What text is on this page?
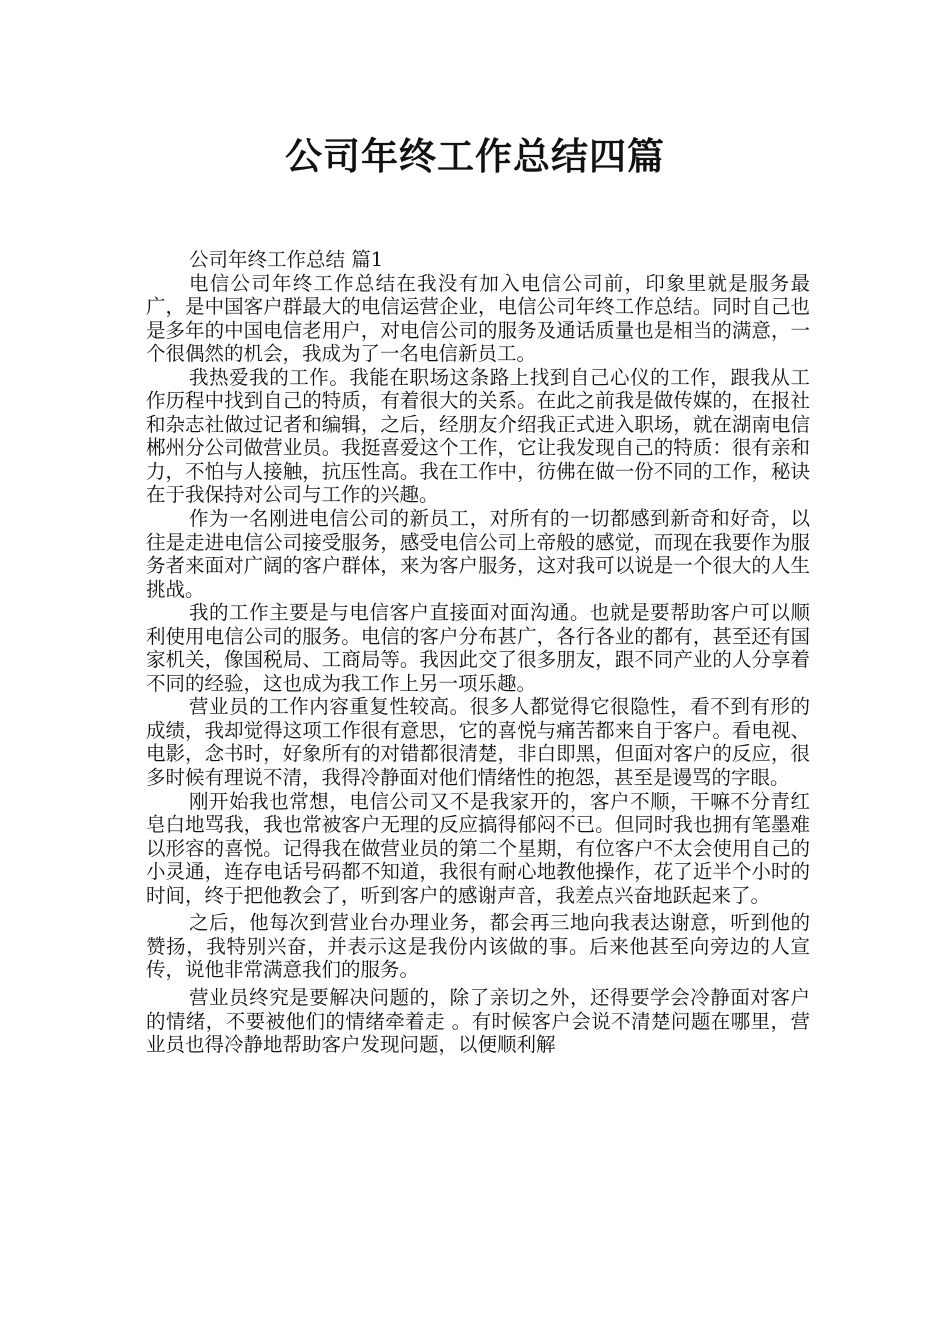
公司年终工作总结四篇

公司年终工作总结 篇1

电信公司年终工作总结在我没有加入电信公司前，印象里就是服务最广，是中国客户群最大的电信运营企业，电信公司年终工作总结。同时自己也是多年的中国电信老用户，对电信公司的服务及通话质量也是相当的满意，一个很偶然的机会，我成为了一名电信新员工。

我热爱我的工作。我能在职场这条路上找到自己心仪的工作，跟我从工作历程中找到自己的特质，有着很大的关系。在此之前我是做传媒的，在报社和杂志社做过记者和编辑，之后，经朋友介绍我正式进入职场，就在湖南电信郴州分公司做营业员。我挺喜爱这个工作，它让我发现自己的特质：很有亲和力，不怕与人接触，抗压性高。我在工作中，彷佛在做一份不同的工作，秘诀在于我保持对公司与工作的兴趣。

作为一名刚进电信公司的新员工，对所有的一切都感到新奇和好奇，以往是走进电信公司接受服务，感受电信公司上帝般的感觉，而现在我要作为服务者来面对广阔的客户群体，来为客户服务，这对我可以说是一个很大的人生挑战。

我的工作主要是与电信客户直接面对面沟通。也就是要帮助客户可以顺利使用电信公司的服务。电信的客户分布甚广，各行各业的都有，甚至还有国家机关，像国税局、工商局等。我因此交了很多朋友，跟不同产业的人分享着不同的经验，这也成为我工作上另一项乐趣。

营业员的工作内容重复性较高。很多人都觉得它很隐性，看不到有形的成绩，我却觉得这项工作很有意思，它的喜悦与痛苦都来自于客户。看电视、电影，念书时，好象所有的对错都很清楚，非白即黑，但面对客户的反应，很多时候有理说不清，我得冷静面对他们情绪性的抱怨，甚至是谩骂的字眼。

刚开始我也常想，电信公司又不是我家开的，客户不顺，干嘛不分青红皂白地骂我，我也常被客户无理的反应搞得郁闷不已。但同时我也拥有笔墨难以形容的喜悦。记得我在做营业员的第二个星期，有位客户不太会使用自己的小灵通，连存电话号码都不知道，我很有耐心地教他操作，花了近半个小时的时间，终于把他教会了，听到客户的感谢声音，我差点兴奋地跃起来了。

之后，他每次到营业台办理业务，都会再三地向我表达谢意，听到他的赞扬，我特别兴奋，并表示这是我份内该做的事。后来他甚至向旁边的人宣传，说他非常满意我们的服务。

营业员终究是要解决问题的，除了亲切之外，还得要学会冷静面对客户的情绪，不要被他们的情绪牵着走 。有时候客户会说不清楚问题在哪里，营业员也得冷静地帮助客户发现问题，以便顺利解
